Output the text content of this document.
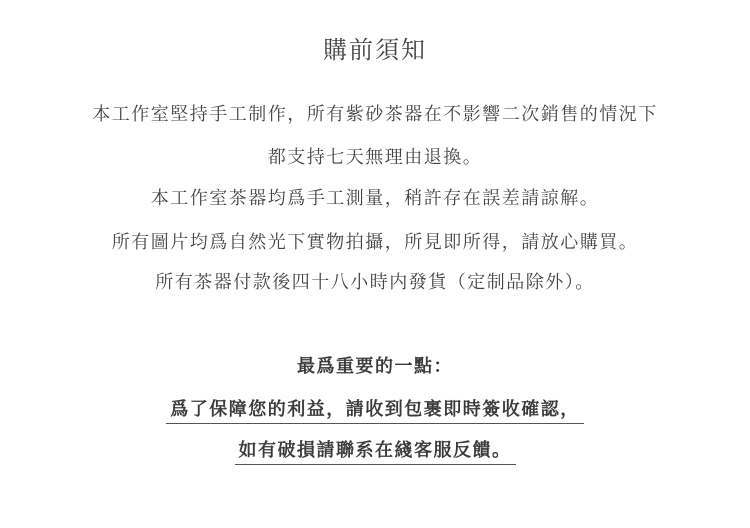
購前須知
本工作室堅持手工制作，所有紫砂茶器在不影響二次銷售的情況下
都支持七天無理由退換。
本工作室茶器均爲手工測量，稍許存在誤差請諒解。
所有圖片均爲自然光下實物拍攝，所見即所得，請放心購買。
所有茶器付款後四十八小時内發貨（定制品除外）。
最爲重要的一點：
爲了保障您的利益，請收到包裹即時簽收確認，
如有破損請聯系在綫客服反饋。
